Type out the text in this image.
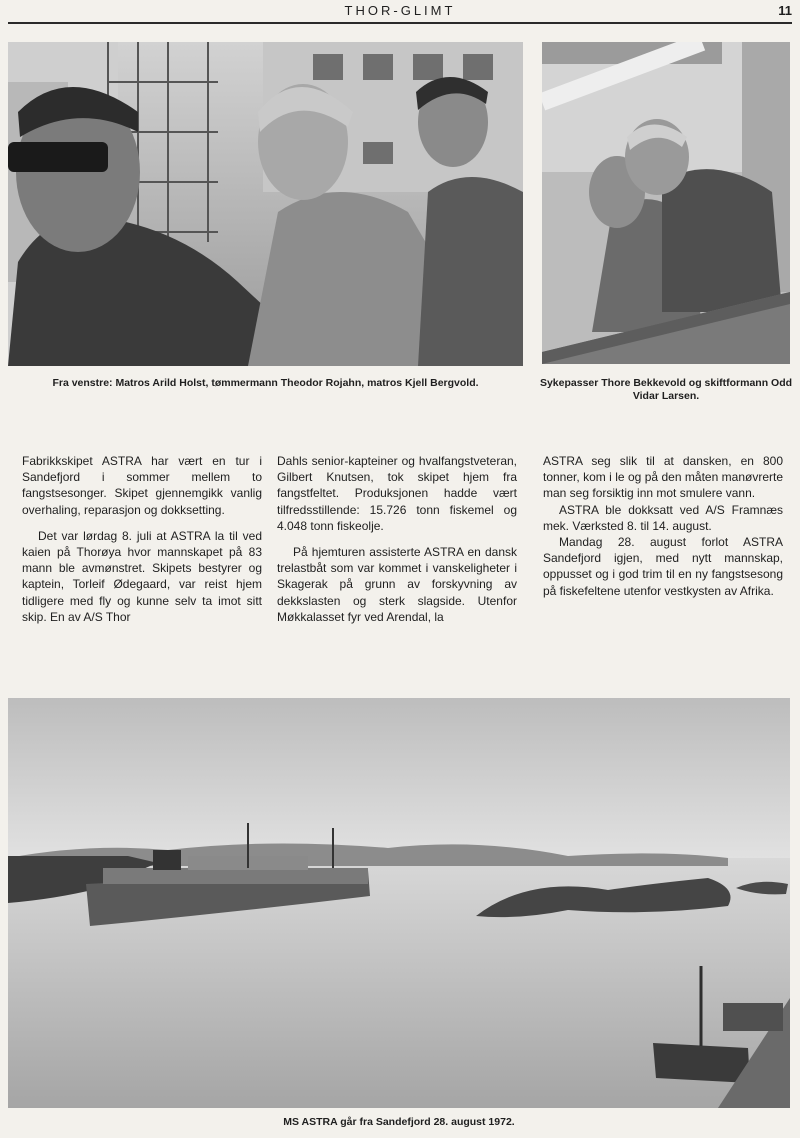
THOR-GLIMT	11
Fra venstre: Matros Arild Holst, tømmermann Theodor Rojahn, matros Kjell Bergvold.	Sykepasser Thore Bekkevold og skiftformann Odd Vidar Larsen.

Fabrikkskipet ASTRA har vært en tur i Sandefjord i sommer mellem to fangstsesonger. Skipet gjennemgikk vanlig overhaling, reparasjon og dokksetting.

Det var lørdag 8. juli at ASTRA la til ved kaien på Thorøya hvor mannskapet på 83 mann ble avmønstret. Skipets bestyrer og kaptein, Torleif Ødegaard, var reist hjem tidligere med fly og kunne selv ta imot sitt skip. En av A/S Thor

Dahls senior-kapteiner og hvalfangstveteran, Gilbert Knutsen, tok skipet hjem fra fangstfeltet. Produksjonen hadde vært tilfredsstillende: 15.726 tonn fiskemel og 4.048 tonn fiskeolje.

På hjemturen assisterte ASTRA en dansk trelastbåt som var kommet i vanskeligheter i Skagerak på grunn av forskyvning av dekkslasten og sterk slagside. Utenfor Møkkalasset fyr ved Arendal, la

ASTRA seg slik til at dansken, en 800 tonner, kom i le og på den måten manøvrerte man seg forsiktig inn mot smulere vann.

ASTRA ble dokksatt ved A/S Framnæs mek. Værksted 8. til 14. august.

Mandag 28. august forlot ASTRA Sandefjord igjen, med nytt mannskap, oppusset og i god trim til en ny fangstsesong på fiskefeltene utenfor vestkysten av Afrika.

MS ASTRA går fra Sandefjord 28. august 1972.
